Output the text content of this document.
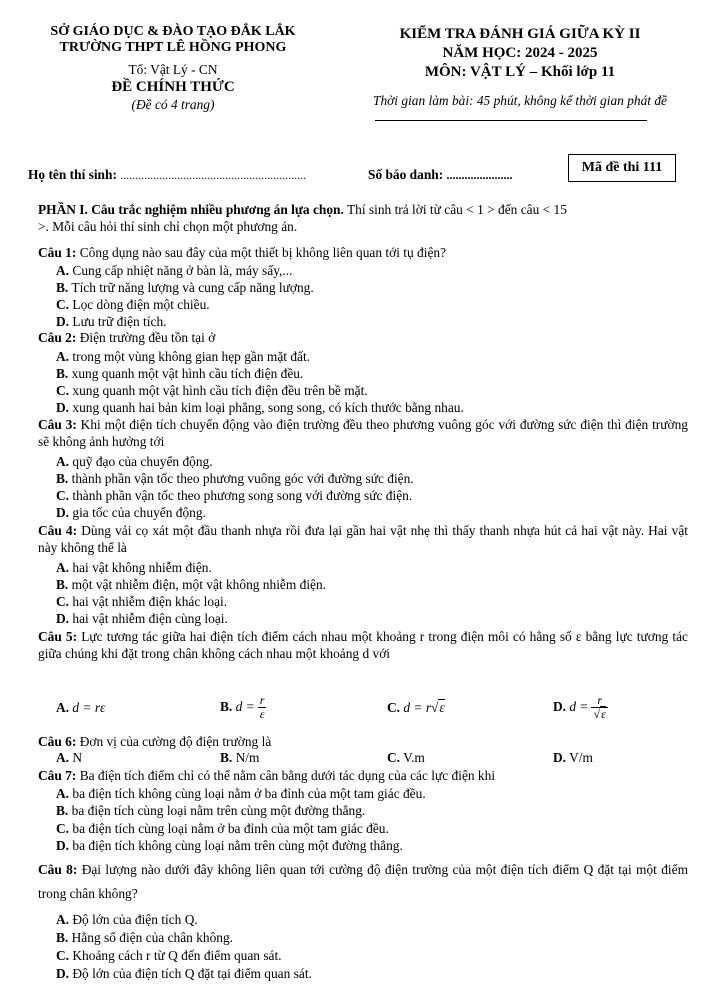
SỞ GIÁO DỤC & ĐÀO TẠO ĐẮK LẮK
TRƯỜNG THPT LÊ HỒNG PHONG
Tổ: Vật Lý - CN
ĐỀ CHÍNH THỨC
(Đề có 4 trang)
KIỂM TRA ĐÁNH GIÁ GIỮA KỲ II
NĂM HỌC: 2024 - 2025
MÔN: VẬT LÝ – Khối lớp 11
Thời gian làm bài: 45 phút, không kể thời gian phát đề
Họ tên thí sinh: ..............................................................	Số báo danh: ......................	Mã đề thi 111
PHẦN I. Câu trắc nghiệm nhiều phương án lựa chọn. Thí sinh trả lời từ câu < 1 > đến câu < 15
>. Mỗi câu hỏi thí sinh chỉ chọn một phương án.
Câu 1: Công dụng nào sau đây của một thiết bị không liên quan tới tụ điện?
A. Cung cấp nhiệt năng ở bàn là, máy sấy,...
B. Tích trữ năng lượng và cung cấp năng lượng.
C. Lọc dòng điện một chiều.
D. Lưu trữ điện tích.
Câu 2: Điện trường đều tồn tại ở
A. trong một vùng không gian hẹp gần mặt đất.
B. xung quanh một vật hình cầu tích điện đều.
C. xung quanh một vật hình cầu tích điện đều trên bề mặt.
D. xung quanh hai bản kim loại phẳng, song song, có kích thước bằng nhau.
Câu 3: Khi một điện tích chuyển động vào điện trường đều theo phương vuông góc với đường sức điện thì điện trường sẽ không ảnh hưởng tới
A. quỹ đạo của chuyển động.
B. thành phần vận tốc theo phương vuông góc với đường sức điện.
C. thành phần vận tốc theo phương song song với đường sức điện.
D. gia tốc của chuyển động.
Câu 4: Dùng vải cọ xát một đầu thanh nhựa rồi đưa lại gần hai vật nhẹ thì thấy thanh nhựa hút cả hai vật này. Hai vật này không thể là
A. hai vật không nhiễm điện.
B. một vật nhiễm điện, một vật không nhiễm điện.
C. hai vật nhiễm điện khác loại.
D. hai vật nhiễm điện cùng loại.
Câu 5: Lực tương tác giữa hai điện tích điểm cách nhau một khoảng r trong điện môi có hằng số ε bằng lực tương tác giữa chúng khi đặt trong chân không cách nhau một khoảng d với
A. d = rε	B. $d = \frac{r}{\varepsilon}$	C. d = r√ε	D. $d = \frac{r}{√\varepsilon}$
Câu 6: Đơn vị của cường độ điện trường là
A. N	B. N/m	C. V.m	D. V/m
Câu 7: Ba điện tích điểm chỉ có thể nằm cân bằng dưới tác dụng của các lực điện khi
A. ba điện tích không cùng loại nằm ở ba đỉnh của một tam giác đều.
B. ba điện tích cùng loại nằm trên cùng một đường thẳng.
C. ba điện tích cùng loại nằm ở ba đỉnh của một tam giác đều.
D. ba điện tích không cùng loại nằm trên cùng một đường thẳng.
Câu 8: Đại lượng nào dưới đây không liên quan tới cường độ điện trường của một điện tích điểm Q đặt tại một điểm trong chân không?
A. Độ lớn của điện tích Q.
B. Hằng số điện của chân không.
C. Khoảng cách r từ Q đến điểm quan sát.
D. Độ lớn của điện tích Q đặt tại điểm quan sát.
